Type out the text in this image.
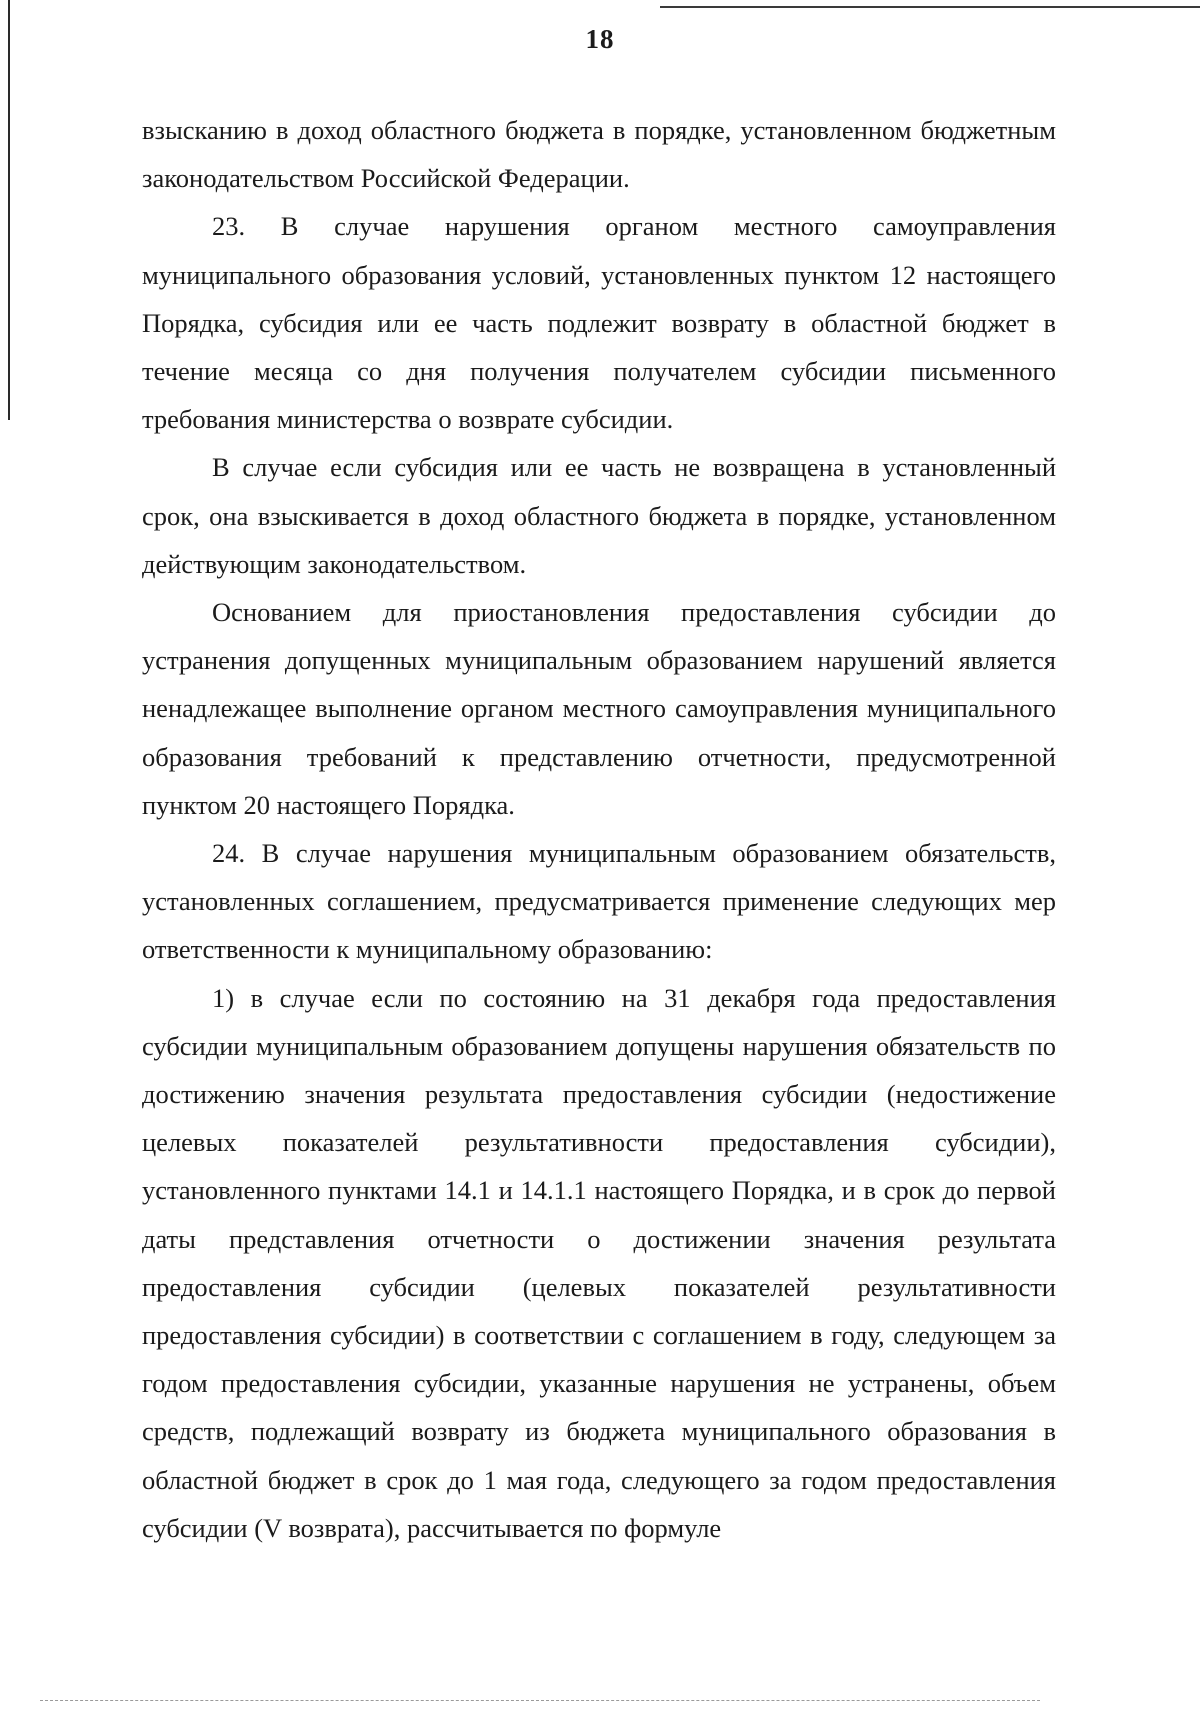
18

взысканию в доход областного бюджета в порядке, установленном бюджетным законодательством Российской Федерации.

23. В случае нарушения органом местного самоуправления муниципального образования условий, установленных пунктом 12 настоящего Порядка, субсидия или ее часть подлежит возврату в областной бюджет в течение месяца со дня получения получателем субсидии письменного требования министерства о возврате субсидии.

В случае если субсидия или ее часть не возвращена в установленный срок, она взыскивается в доход областного бюджета в порядке, установленном действующим законодательством.

Основанием для приостановления предоставления субсидии до устранения допущенных муниципальным образованием нарушений является ненадлежащее выполнение органом местного самоуправления муниципального образования требований к представлению отчетности, предусмотренной пунктом 20 настоящего Порядка.

24. В случае нарушения муниципальным образованием обязательств, установленных соглашением, предусматривается применение следующих мер ответственности к муниципальному образованию:

1) в случае если по состоянию на 31 декабря года предоставления субсидии муниципальным образованием допущены нарушения обязательств по достижению значения результата предоставления субсидии (недостижение целевых показателей результативности предоставления субсидии), установленного пунктами 14.1 и 14.1.1 настоящего Порядка, и в срок до первой даты представления отчетности о достижении значения результата предоставления субсидии (целевых показателей результативности предоставления субсидии) в соответствии с соглашением в году, следующем за годом предоставления субсидии, указанные нарушения не устранены, объем средств, подлежащий возврату из бюджета муниципального образования в областной бюджет в срок до 1 мая года, следующего за годом предоставления субсидии (V возврата), рассчитывается по формуле
